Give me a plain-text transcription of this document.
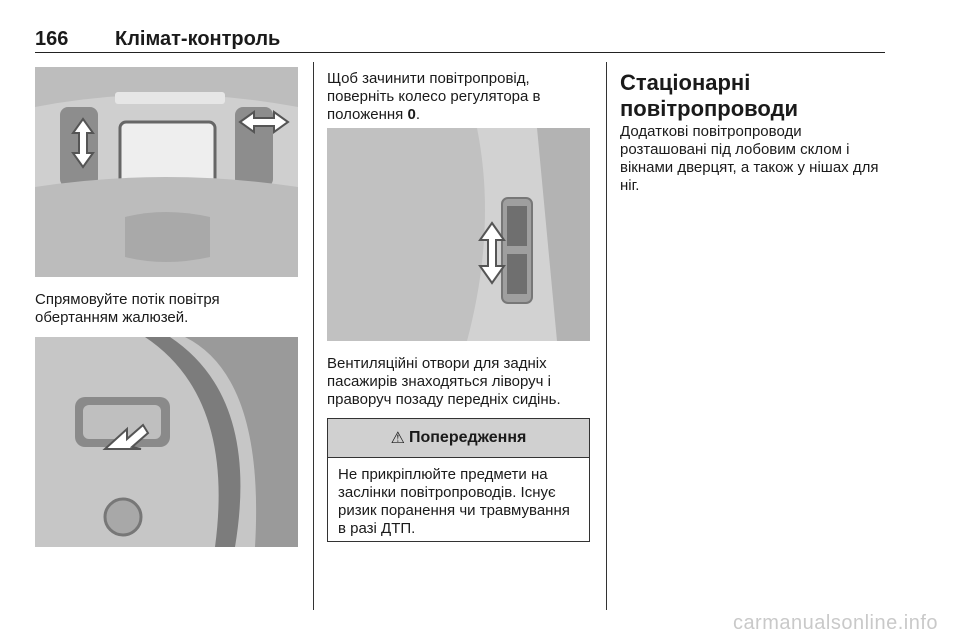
166 Клімат-контроль

Спрямовуйте потік повітря обертанням жалюзей.

Щоб зачинити повітропровід, поверніть колесо регулятора в положення 0.

Вентиляційні отвори для задніх пасажирів знаходяться ліворуч і праворуч позаду передніх сидінь.

⚠ Попередження
Не прикріплюйте предмети на заслінки повітропроводів. Існує ризик поранення чи травмування в разі ДТП.
Стаціонарні повітропроводи

Додаткові повітропроводи розташовані під лобовим склом і вікнами дверцят, а також у нішах для ніг.

carmanualsonline.info
